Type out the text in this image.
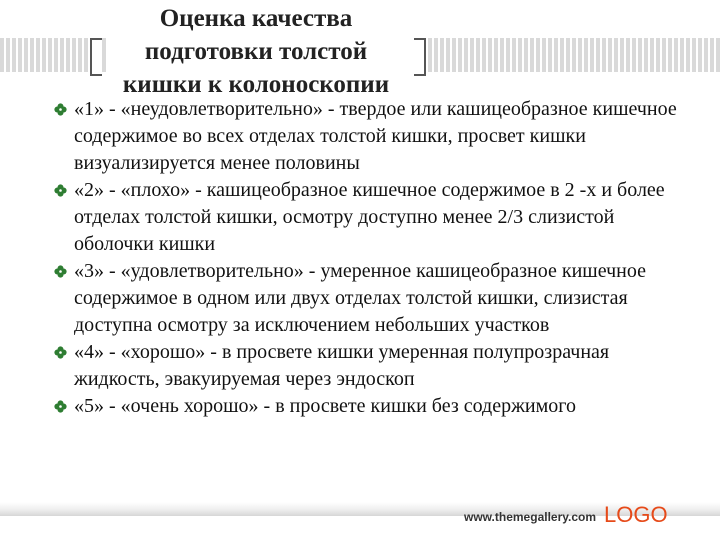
Оценка качества
подготовки толстой
кишки к колоноскопии
«1» - «неудовлетворительно» - твердое или кашицеобразное кишечное содержимое во всех отделах толстой кишки, просвет кишки визуализируется менее половины
«2» - «плохо» - кашицеобразное кишечное содержимое в 2 -х и более отделах толстой кишки, осмотру доступно менее 2/3 слизистой оболочки кишки
«3» - «удовлетворительно» - умеренное кашицеобразное кишечное содержимое в одном или двух отделах толстой кишки, слизистая доступна осмотру за исключением небольших участков
«4» - «хорошо» - в просвете кишки умеренная полупрозрачная жидкость, эвакуируемая через эндоскоп
«5» - «очень хорошо» - в просвете кишки без содержимого
www.themegallery.com LOGO
